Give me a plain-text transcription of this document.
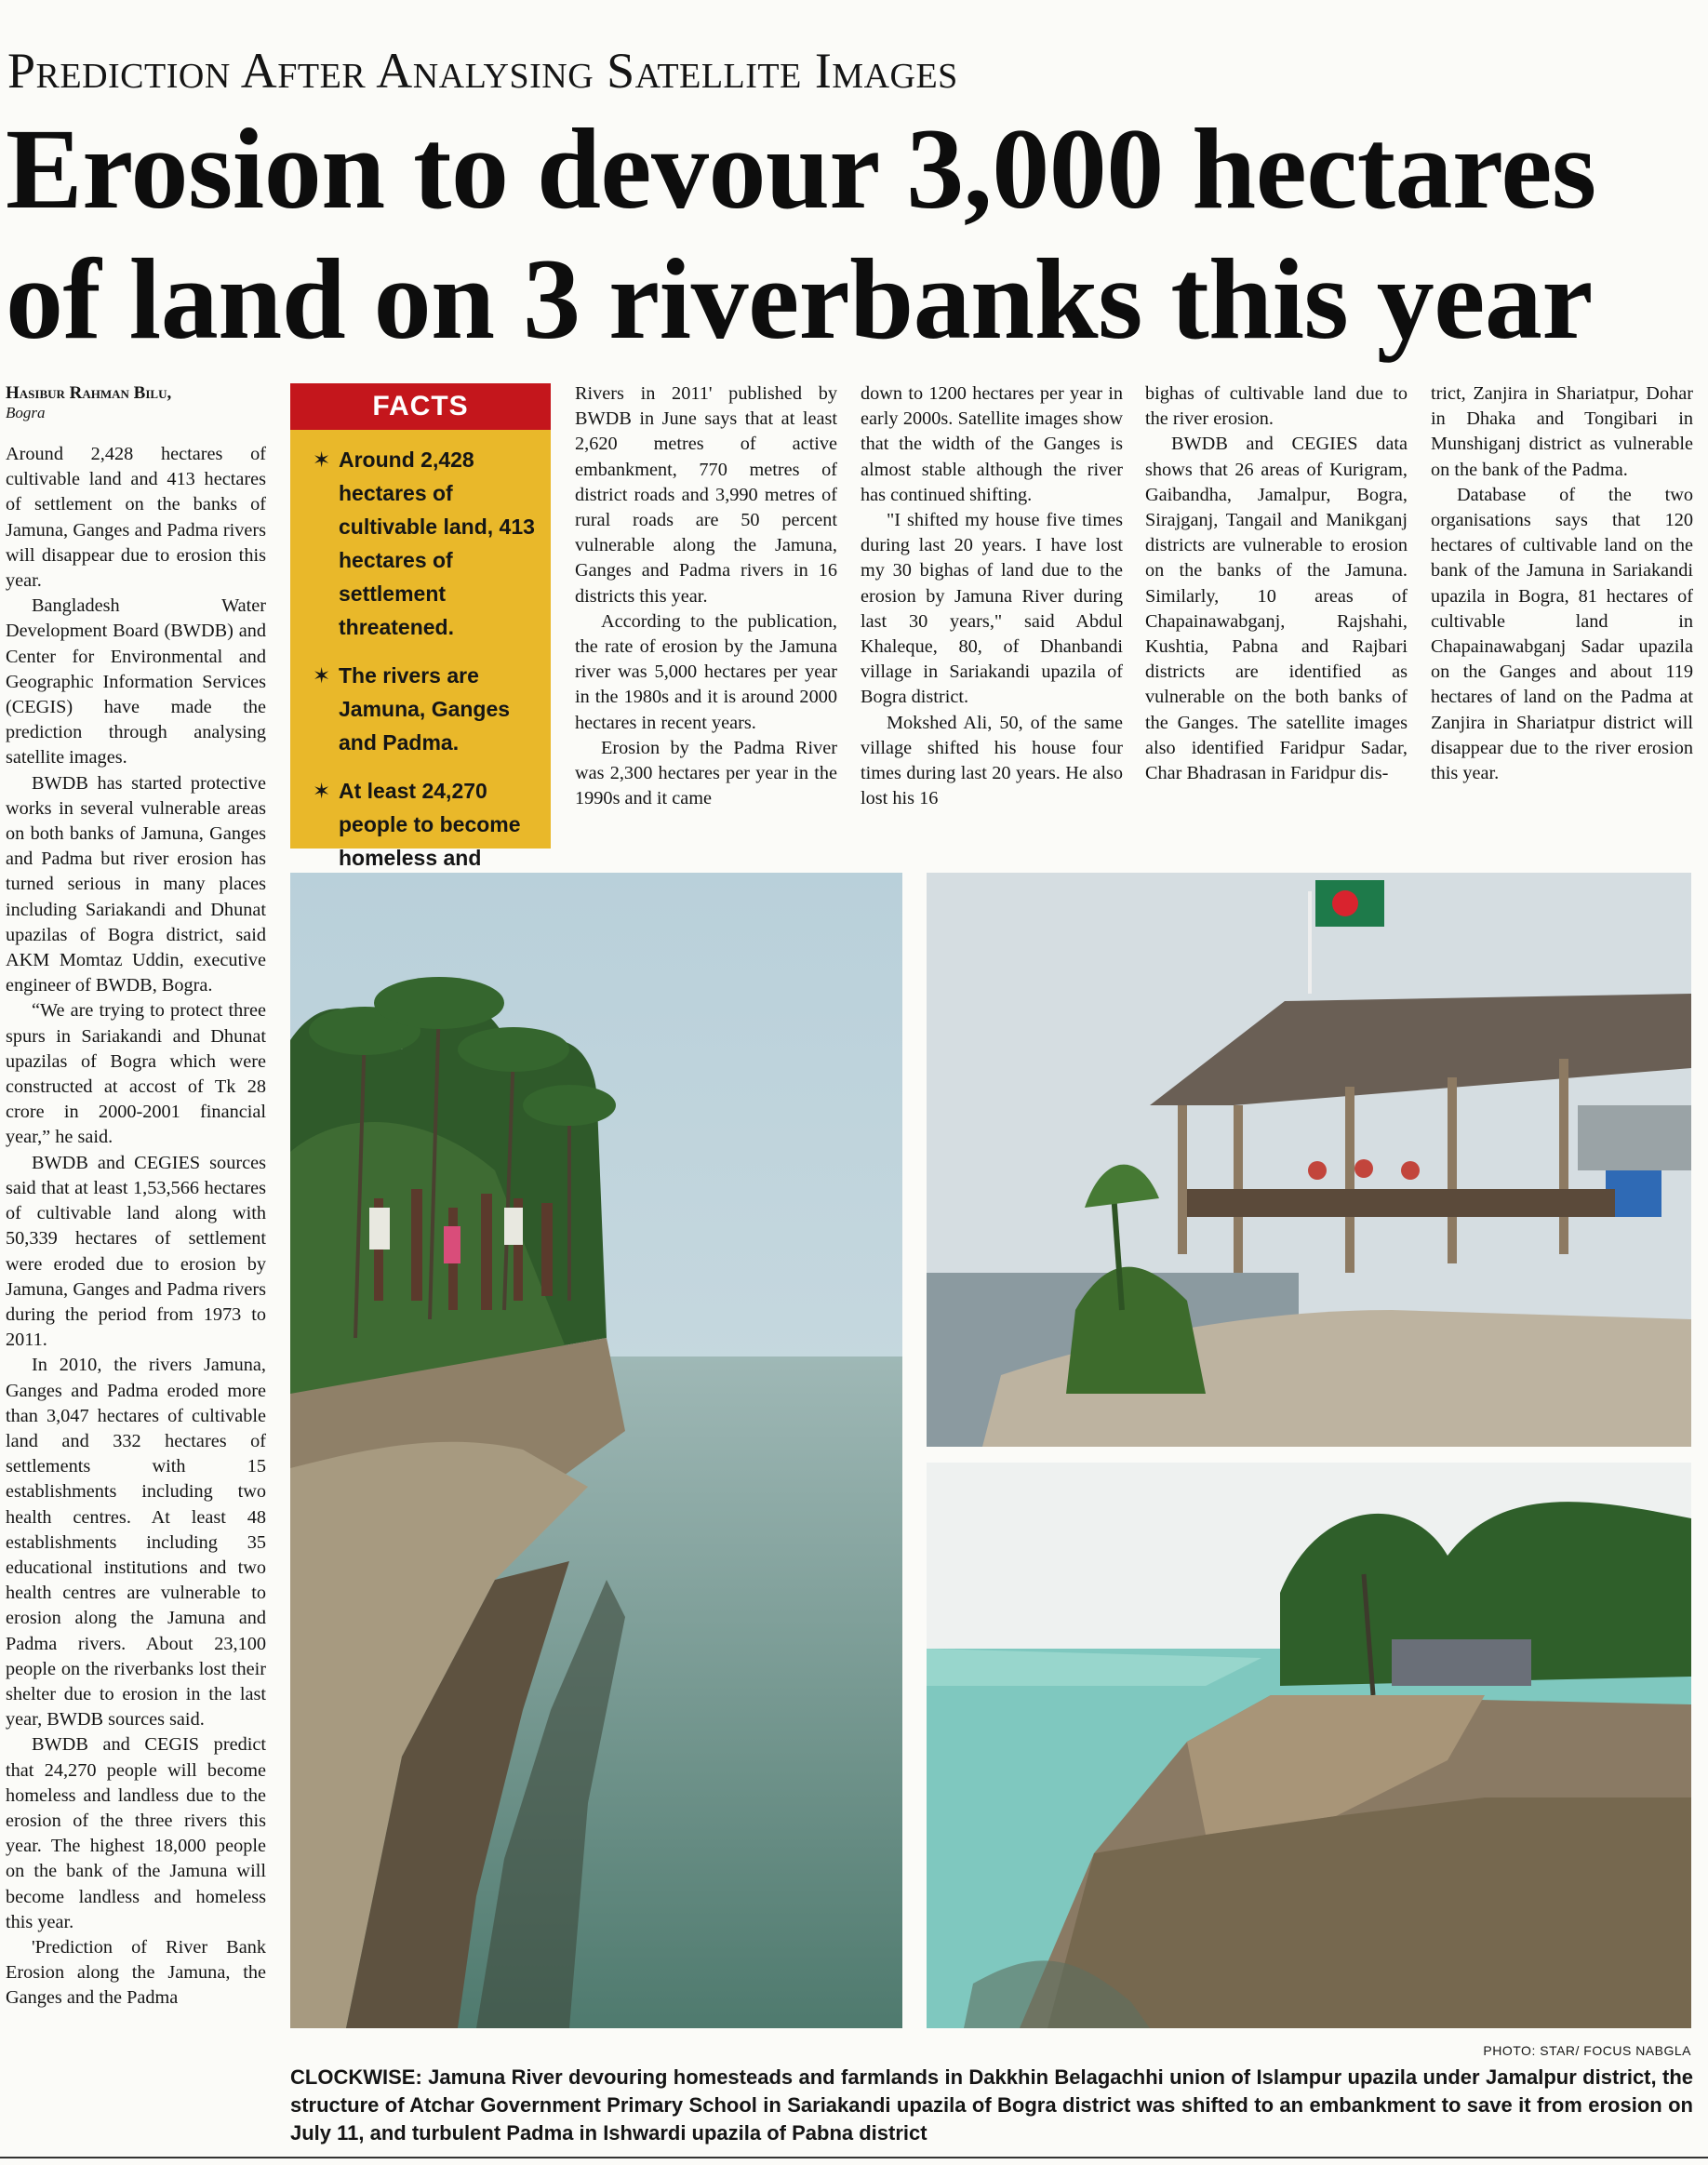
Prediction After Analysing Satellite Images
Erosion to devour 3,000 hectares of land on 3 riverbanks this year
Hasibur Rahman Bilu,
Bogra

Around 2,428 hectares of cultivable land and 413 hectares of settlement on the banks of Jamuna, Ganges and Padma rivers will disappear due to erosion this year.

Bangladesh Water Development Board (BWDB) and Center for Environmental and Geographic Information Services (CEGIS) have made the prediction through analysing satellite images.

BWDB has started protective works in several vulnerable areas on both banks of Jamuna, Ganges and Padma but river erosion has turned serious in many places including Sariakandi and Dhunat upazilas of Bogra district, said AKM Momtaz Uddin, executive engineer of BWDB, Bogra.

“We are trying to protect three spurs in Sariakandi and Dhunat upazilas of Bogra which were constructed at accost of Tk 28 crore in 2000-2001 financial year,” he said.

BWDB and CEGIES sources said that at least 1,53,566 hectares of cultivable land along with 50,339 hectares of settlement were eroded due to erosion by Jamuna, Ganges and Padma rivers during the period from 1973 to 2011.

In 2010, the rivers Jamuna, Ganges and Padma eroded more than 3,047 hectares of cultivable land and 332 hectares of settlements with 15 establishments including two health centres. At least 48 establishments including 35 educational institutions and two health centres are vulnerable to erosion along the Jamuna and Padma rivers. About 23,100 people on the riverbanks lost their shelter due to erosion in the last year, BWDB sources said.

BWDB and CEGIS predict that 24,270 people will become homeless and landless due to the erosion of the three rivers this year. The highest 18,000 people on the bank of the Jamuna will become landless and homeless this year.

'Prediction of River Bank Erosion along the Jamuna, the Ganges and the Padma

FACTS
✶ Around 2,428 hectares of cultivable land, 413 hectares of settlement threatened.
✶ The rivers are Jamuna, Ganges and Padma.
✶ At least 24,270 people to become homeless and

Rivers in 2011' published by BWDB in June says that at least 2,620 metres of active embankment, 770 metres of district roads and 3,990 metres of rural roads are 50 percent vulnerable along the Jamuna, Ganges and Padma rivers in 16 districts this year.

According to the publication, the rate of erosion by the Jamuna river was 5,000 hectares per year in the 1980s and it is around 2000 hectares in recent years.

Erosion by the Padma River was 2,300 hectares per year in the 1990s and it came

down to 1200 hectares per year in early 2000s. Satellite images show that the width of the Ganges is almost stable although the river has continued shifting.

"I shifted my house five times during last 20 years. I have lost my 30 bighas of land due to the erosion by Jamuna River during last 30 years," said Abdul Khaleque, 80, of Dhanbandi village in Sariakandi upazila of Bogra district.

Mokshed Ali, 50, of the same village shifted his house four times during last 20 years. He also lost his 16

bighas of cultivable land due to the river erosion.

BWDB and CEGIES data shows that 26 areas of Kurigram, Gaibandha, Jamalpur, Bogra, Sirajganj, Tangail and Manikganj districts are vulnerable to erosion on the banks of the Jamuna. Similarly, 10 areas of Chapainawabganj, Rajshahi, Kushtia, Pabna and Rajbari districts are identified as vulnerable on the both banks of the Ganges. The satellite images also identified Faridpur Sadar, Char Bhadrasan in Faridpur dis-

trict, Zanjira in Shariatpur, Dohar in Dhaka and Tongibari in Munshiganj district as vulnerable on the bank of the Padma.

Database of the two organisations says that 120 hectares of cultivable land on the bank of the Jamuna in Sariakandi upazila in Bogra, 81 hectares of cultivable land in Chapainawabganj Sadar upazila on the Ganges and about 119 hectares of land on the Padma at Zanjira in Shariatpur district will disappear due to the river erosion this year.

PHOTO: STAR/ FOCUS NABGLA
CLOCKWISE: Jamuna River devouring homesteads and farmlands in Dakkhin Belagachhi union of Islampur upazila under Jamalpur district, the structure of Atchar Government Primary School in Sariakandi upazila of Bogra district was shifted to an embankment to save it from erosion on July 11, and turbulent Padma in Ishwardi upazila of Pabna district
